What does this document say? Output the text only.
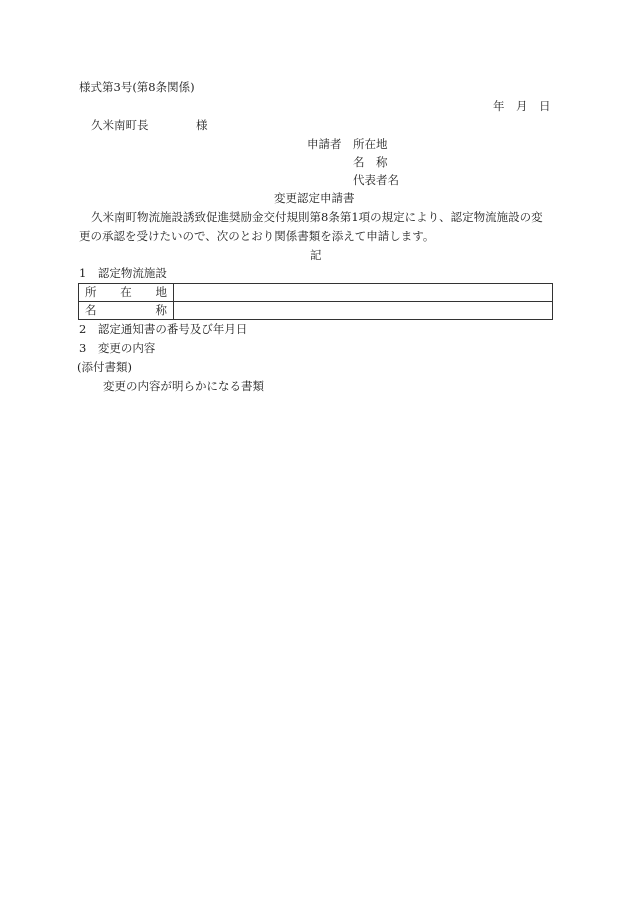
様式第3号(第8条関係)
年　月　日
久米南町長	様
申請者 所在地
名　称
代表者名
変更認定申請書
久米南町物流施設誘致促進奨励金交付規則第8条第1項の規定により、認定物流施設の変
更の承認を受けたいので、次のとおり関係書類を添えて申請します。
記
1　認定物流施設
所 在 地	

名 称	

2　認定通知書の番号及び年月日
3　変更の内容
(添付書類)
変更の内容が明らかになる書類
